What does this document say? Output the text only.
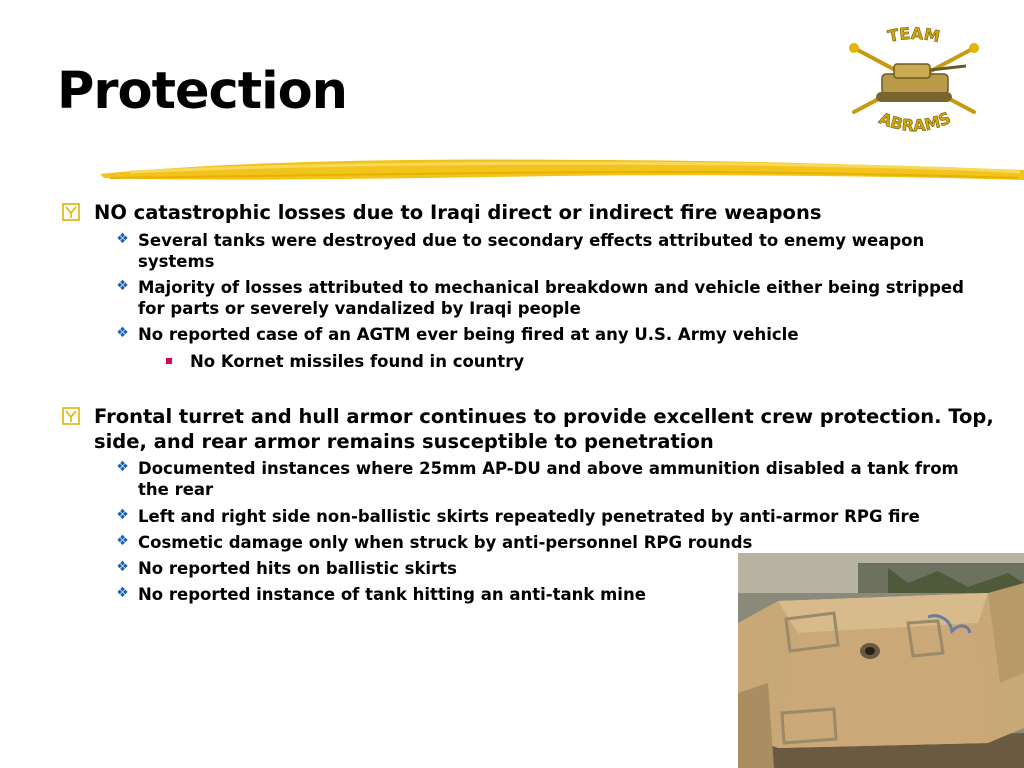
Protection
TEAM
ABRAMS
NO catastrophic losses due to Iraqi direct or indirect fire weapons
❖ Several tanks were destroyed due to secondary effects attributed to enemy weapon systems
❖ Majority of losses attributed to mechanical breakdown and vehicle either being stripped for parts or severely vandalized by Iraqi people
❖ No reported case of an AGTM ever being fired at any U.S. Army vehicle
No Kornet missiles found in country
Frontal turret and hull armor continues to provide excellent crew protection. Top, side, and rear armor remains susceptible to penetration
❖ Documented instances where 25mm AP-DU and above ammunition disabled a tank from the rear
❖ Left and right side non-ballistic skirts repeatedly penetrated by anti-armor RPG fire
❖ Cosmetic damage only when struck by anti-personnel RPG rounds
❖ No reported hits on ballistic skirts
❖ No reported instance of tank hitting an anti-tank mine
